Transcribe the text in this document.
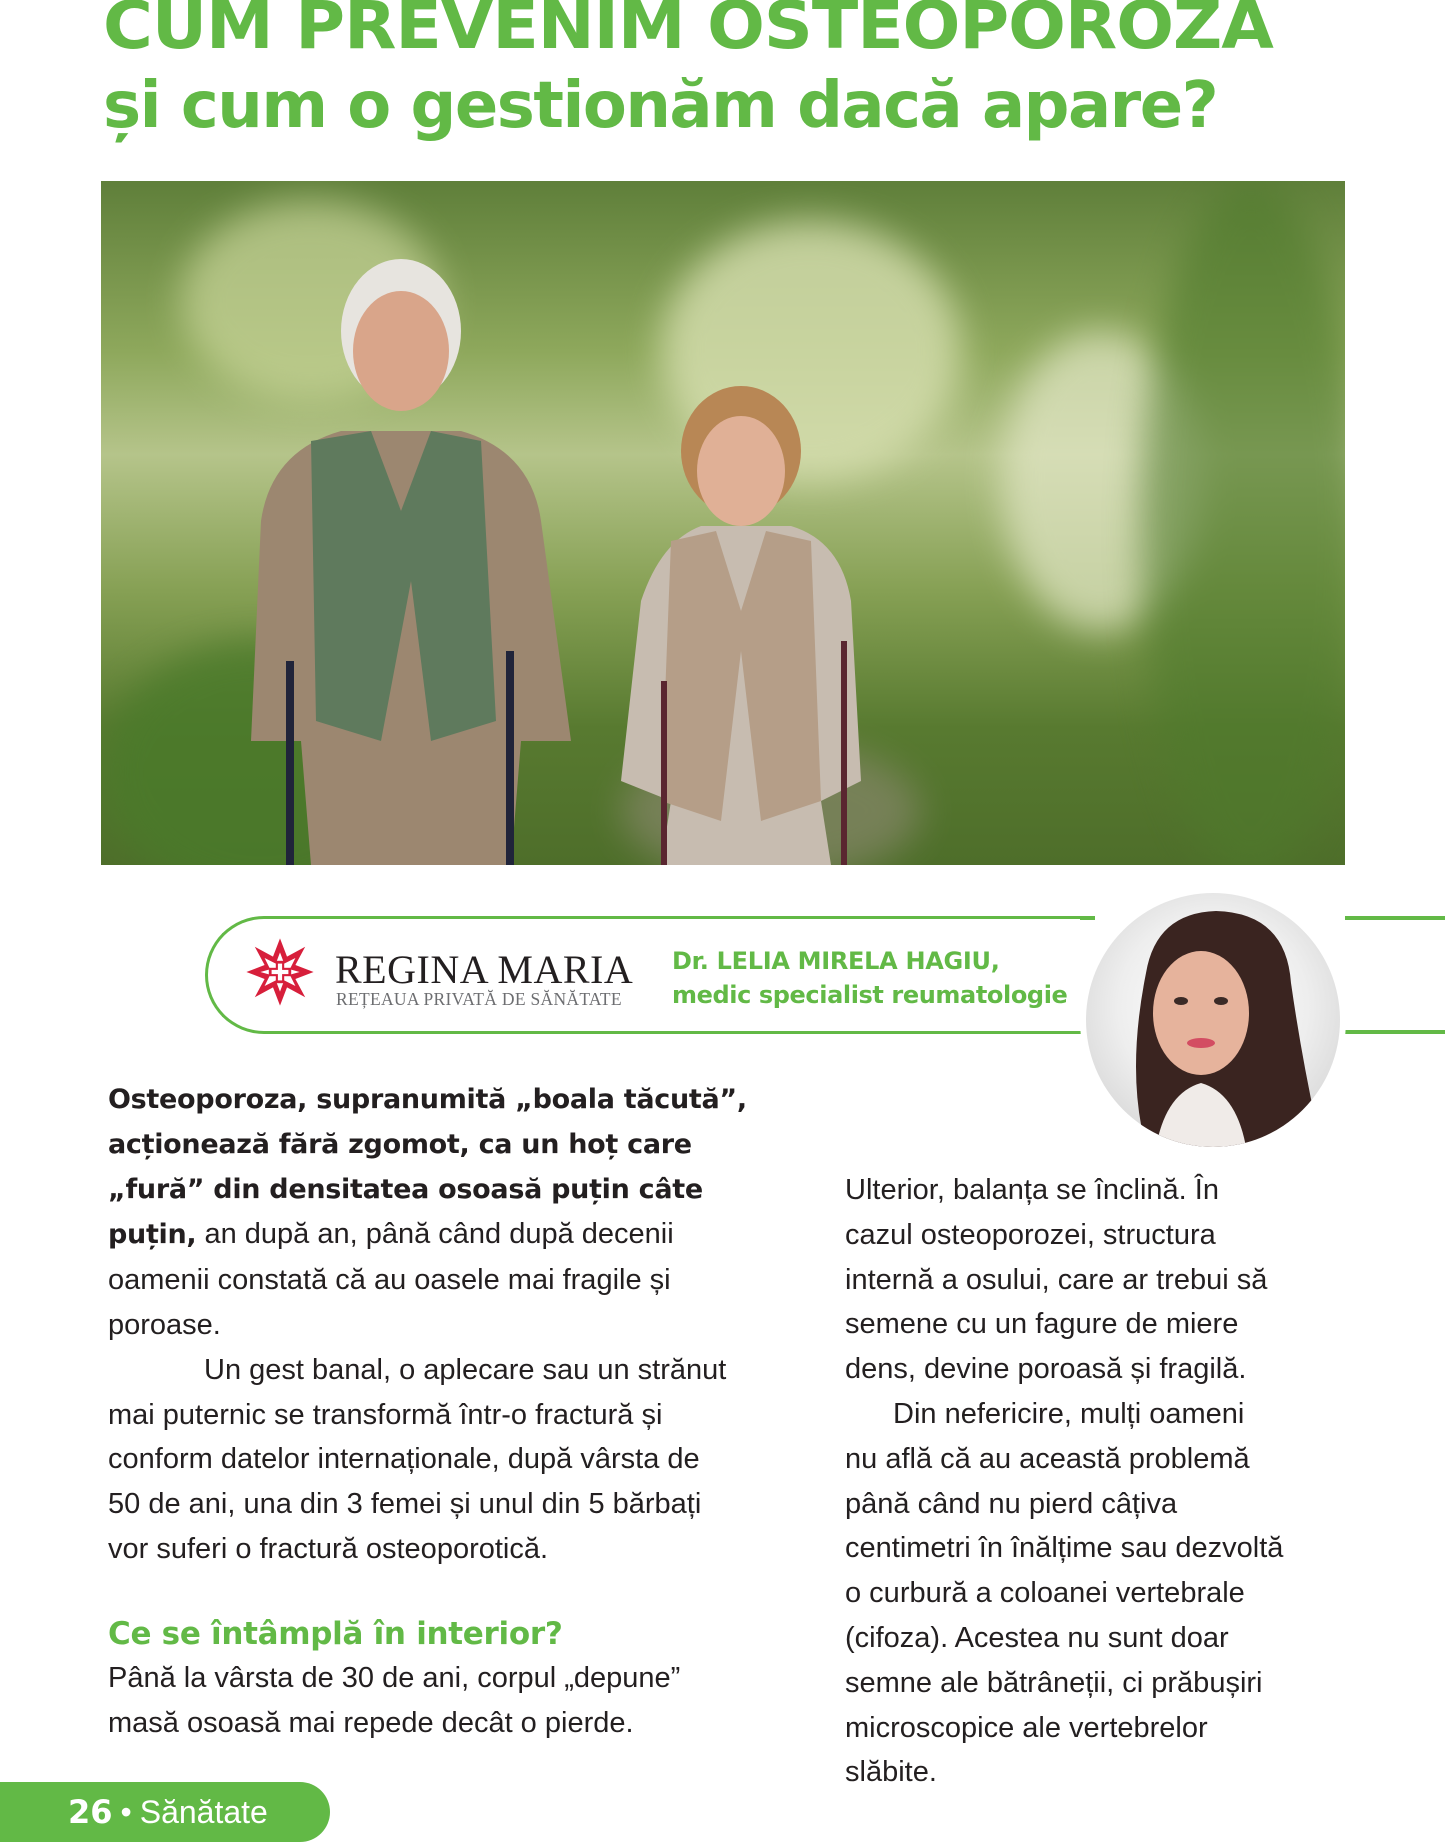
CUM PREVENIM OSTEOPOROZA
și cum o gestionăm dacă apare?
REGINA MARIA
REȚEAUA PRIVATĂ DE SĂNĂTATE
Dr. LELIA MIRELA HAGIU,
medic specialist reumatologie

Osteoporoza, supranumită „boala tăcută”,
acționează fără zgomot, ca un hoț care
„fură” din densitatea osoasă puțin câte
puțin, an după an, până când după decenii
oamenii constată că au oasele mai fragile și
poroase.

Un gest banal, o aplecare sau un strănut
mai puternic se transformă într-o fractură și
conform datelor internaționale, după vârsta de
50 de ani, una din 3 femei și unul din 5 bărbați
vor suferi o fractură osteoporotică.

Ce se întâmplă în interior?

Până la vârsta de 30 de ani, corpul „depune”
masă osoasă mai repede decât o pierde.

Ulterior, balanța se înclină. În
cazul osteoporozei, structura
internă a osului, care ar trebui să
semene cu un fagure de miere
dens, devine poroasă și fragilă.

Din nefericire, mulți oameni
nu află că au această problemă
până când nu pierd câțiva
centimetri în înălțime sau dezvoltă
o curbură a coloanei vertebrale
(cifoza). Acestea nu sunt doar
semne ale bătrâneții, ci prăbușiri
microscopice ale vertebrelor
slăbite.

26 • Sănătate
